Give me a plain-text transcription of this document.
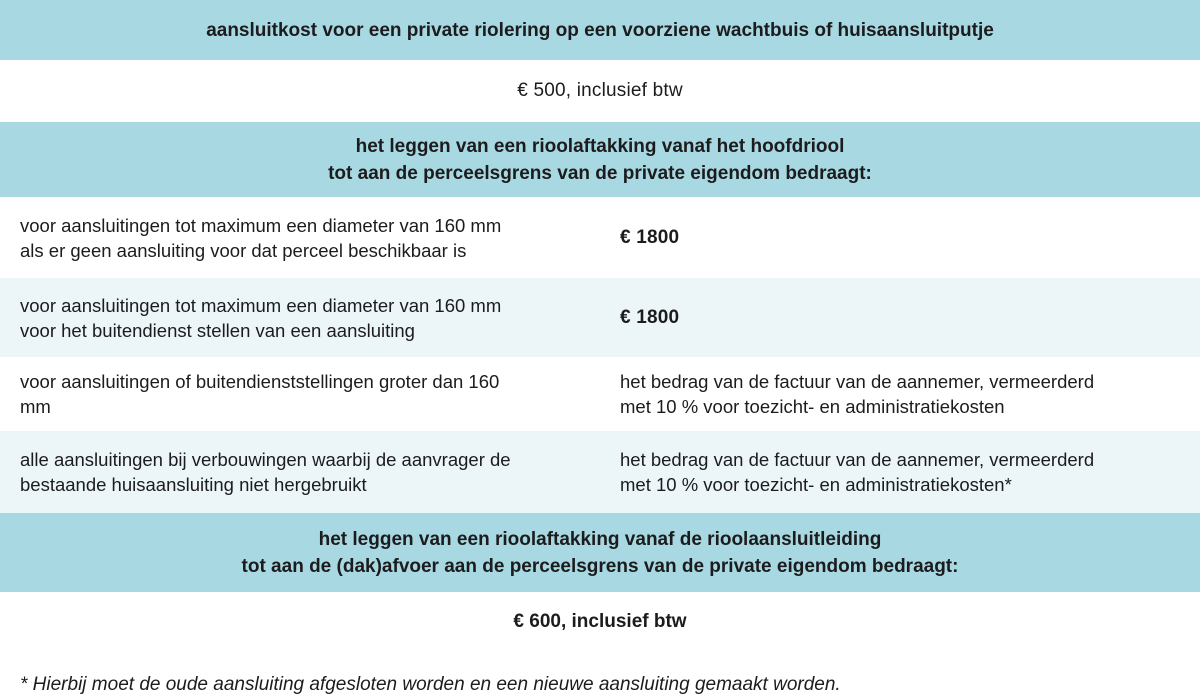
aansluitkost voor een private riolering op een voorziene wachtbuis of huisaansluitputje
€ 500, inclusief btw
het leggen van een rioolaftakking vanaf het hoofdriool
tot aan de perceelsgrens van de private eigendom bedraagt:
voor aansluitingen tot maximum een diameter van 160 mm
als er geen aansluiting voor dat perceel beschikbaar is
€ 1800
voor aansluitingen tot maximum een diameter van 160 mm
voor het buitendienst stellen van een aansluiting
€ 1800
voor aansluitingen of buitendienststellingen groter dan 160
mm
het bedrag van de factuur van de aannemer, vermeerderd
met 10 % voor toezicht- en administratiekosten
alle aansluitingen bij verbouwingen waarbij de aanvrager de
bestaande huisaansluiting niet hergebruikt
het bedrag van de factuur van de aannemer, vermeerderd
met 10 % voor toezicht- en administratiekosten*
het leggen van een rioolaftakking vanaf de rioolaansluitleiding
tot aan de (dak)afvoer aan de perceelsgrens van de private eigendom bedraagt:
€ 600, inclusief btw
* Hierbij moet de oude aansluiting afgesloten worden en een nieuwe aansluiting gemaakt worden.
